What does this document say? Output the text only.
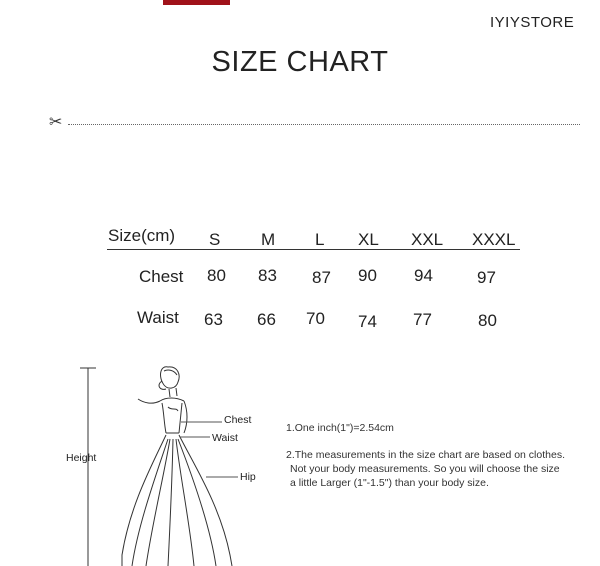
IYIYSTORE
SIZE CHART
✂
Size(cm) S M L XL XXL XXXL
Chest 80 83 87 90 94	97
Waist 63 66 70 74 77	80
Chest
Waist
Hip
Height
1.One inch(1")=2.54cm
2.The measurements in the size chart are based on clothes.
Not your body measurements. So you will choose the size
a little Larger (1"-1.5") than your body size.
